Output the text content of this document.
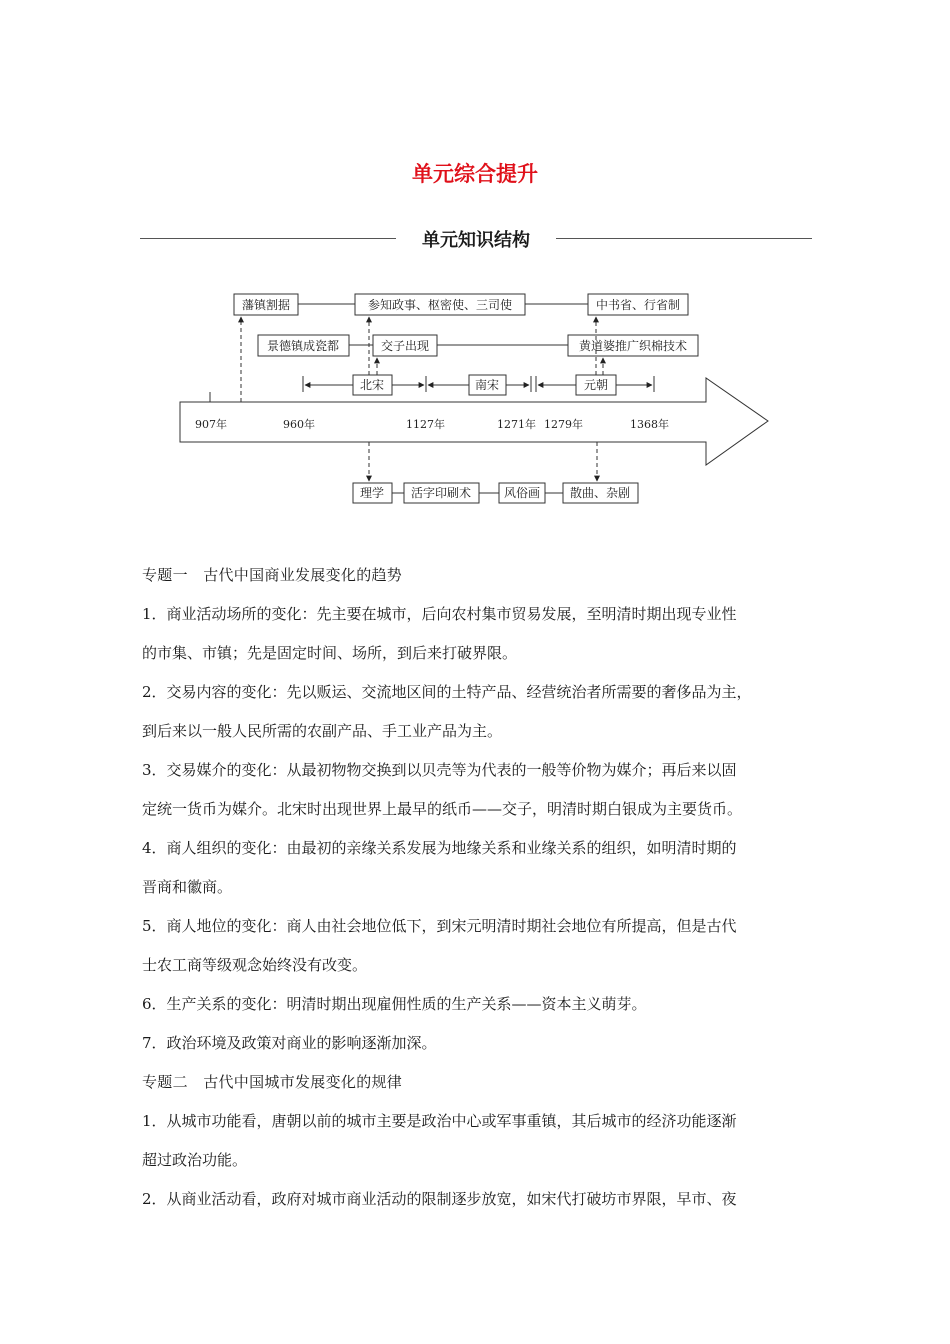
单元综合提升
单元知识结构
907年	960年	1127年	1271年 1279年	1368年
北宋	南宋	元朝
藩镇割据	参知政事、枢密使、三司使	中书省、行省制
景德镇成瓷都	交子出现	黄道婆推广织棉技术
理学 活字印刷术	风俗画 散曲、杂剧

专题一　古代中国商业发展变化的趋势

1．商业活动场所的变化：先主要在城市，后向农村集市贸易发展，至明清时期出现专业性

的市集、市镇；先是固定时间、场所，到后来打破界限。

2．交易内容的变化：先以贩运、交流地区间的土特产品、经营统治者所需要的奢侈品为主，

到后来以一般人民所需的农副产品、手工业产品为主。

3．交易媒介的变化：从最初物物交换到以贝壳等为代表的一般等价物为媒介；再后来以固

定统一货币为媒介。北宋时出现世界上最早的纸币——交子，明清时期白银成为主要货币。

4．商人组织的变化：由最初的亲缘关系发展为地缘关系和业缘关系的组织，如明清时期的

晋商和徽商。

5．商人地位的变化：商人由社会地位低下，到宋元明清时期社会地位有所提高，但是古代

士农工商等级观念始终没有改变。

6．生产关系的变化：明清时期出现雇佣性质的生产关系——资本主义萌芽。

7．政治环境及政策对商业的影响逐渐加深。

专题二　古代中国城市发展变化的规律

1．从城市功能看，唐朝以前的城市主要是政治中心或军事重镇，其后城市的经济功能逐渐

超过政治功能。

2．从商业活动看，政府对城市商业活动的限制逐步放宽，如宋代打破坊市界限，早市、夜
